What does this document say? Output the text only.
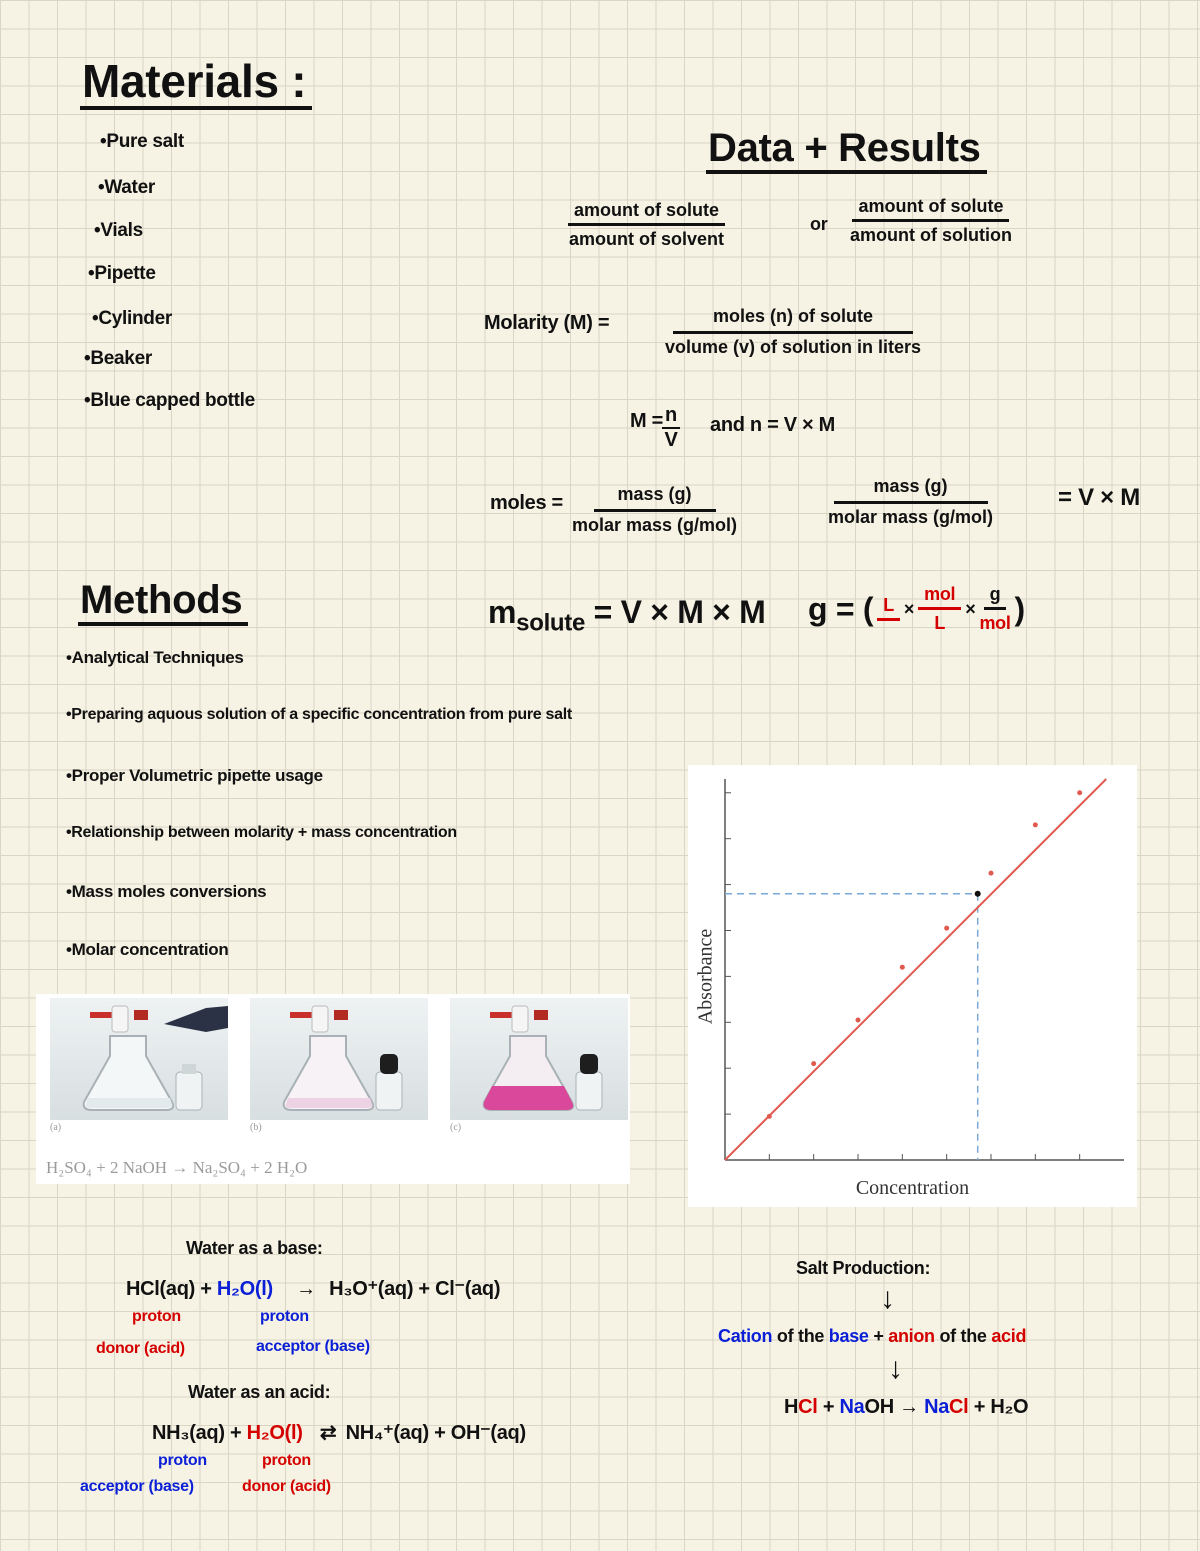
Materials :
•Pure salt
•Water
•Vials
•Pipette
•Cylinder
•Beaker
•Blue capped bottle
Data + Results
amount of solute
amount of solvent
or
amount of solute
amount of solution
Molarity (M) =	moles (n) of solute
volume (v) of solution in liters
$M = \frac{n}{V}$ and n = V × M
moles =	mass (g)
molar mass (g/mol)
mass (g)
molar mass (g/mol)
= V × M
$m_{solute} = V \times M \times M$ g = ( $L \times \frac{\text{mol}}{L} \times \frac{g}{\text{mol}}$ )
Methods
•Analytical Techniques
•Preparing aquous solution of a specific concentration from pure salt
•Proper Volumetric pipette usage
•Relationship between molarity + mass concentration
•Mass moles conversions
•Molar concentration
(a)	(b)	(c)
H₂SO₄ + 2 NaOH → Na₂SO₄ + 2 H₂O
Concentration
Absorbance
Water as a base:
HCl(aq) + H₂O(l) → H₃O⁺(aq) + Cl⁻(aq)
proton
donor (acid)
proton
acceptor (base)
Water as an acid:
NH₃(aq) + H₂O(l) ⇄ NH₄⁺(aq) + OH⁻(aq)
proton
acceptor (base)
proton
donor (acid)
Salt Production:
↓
Cation of the base + anion of the acid
↓
HCl + NaOH → NaCl + H₂O
